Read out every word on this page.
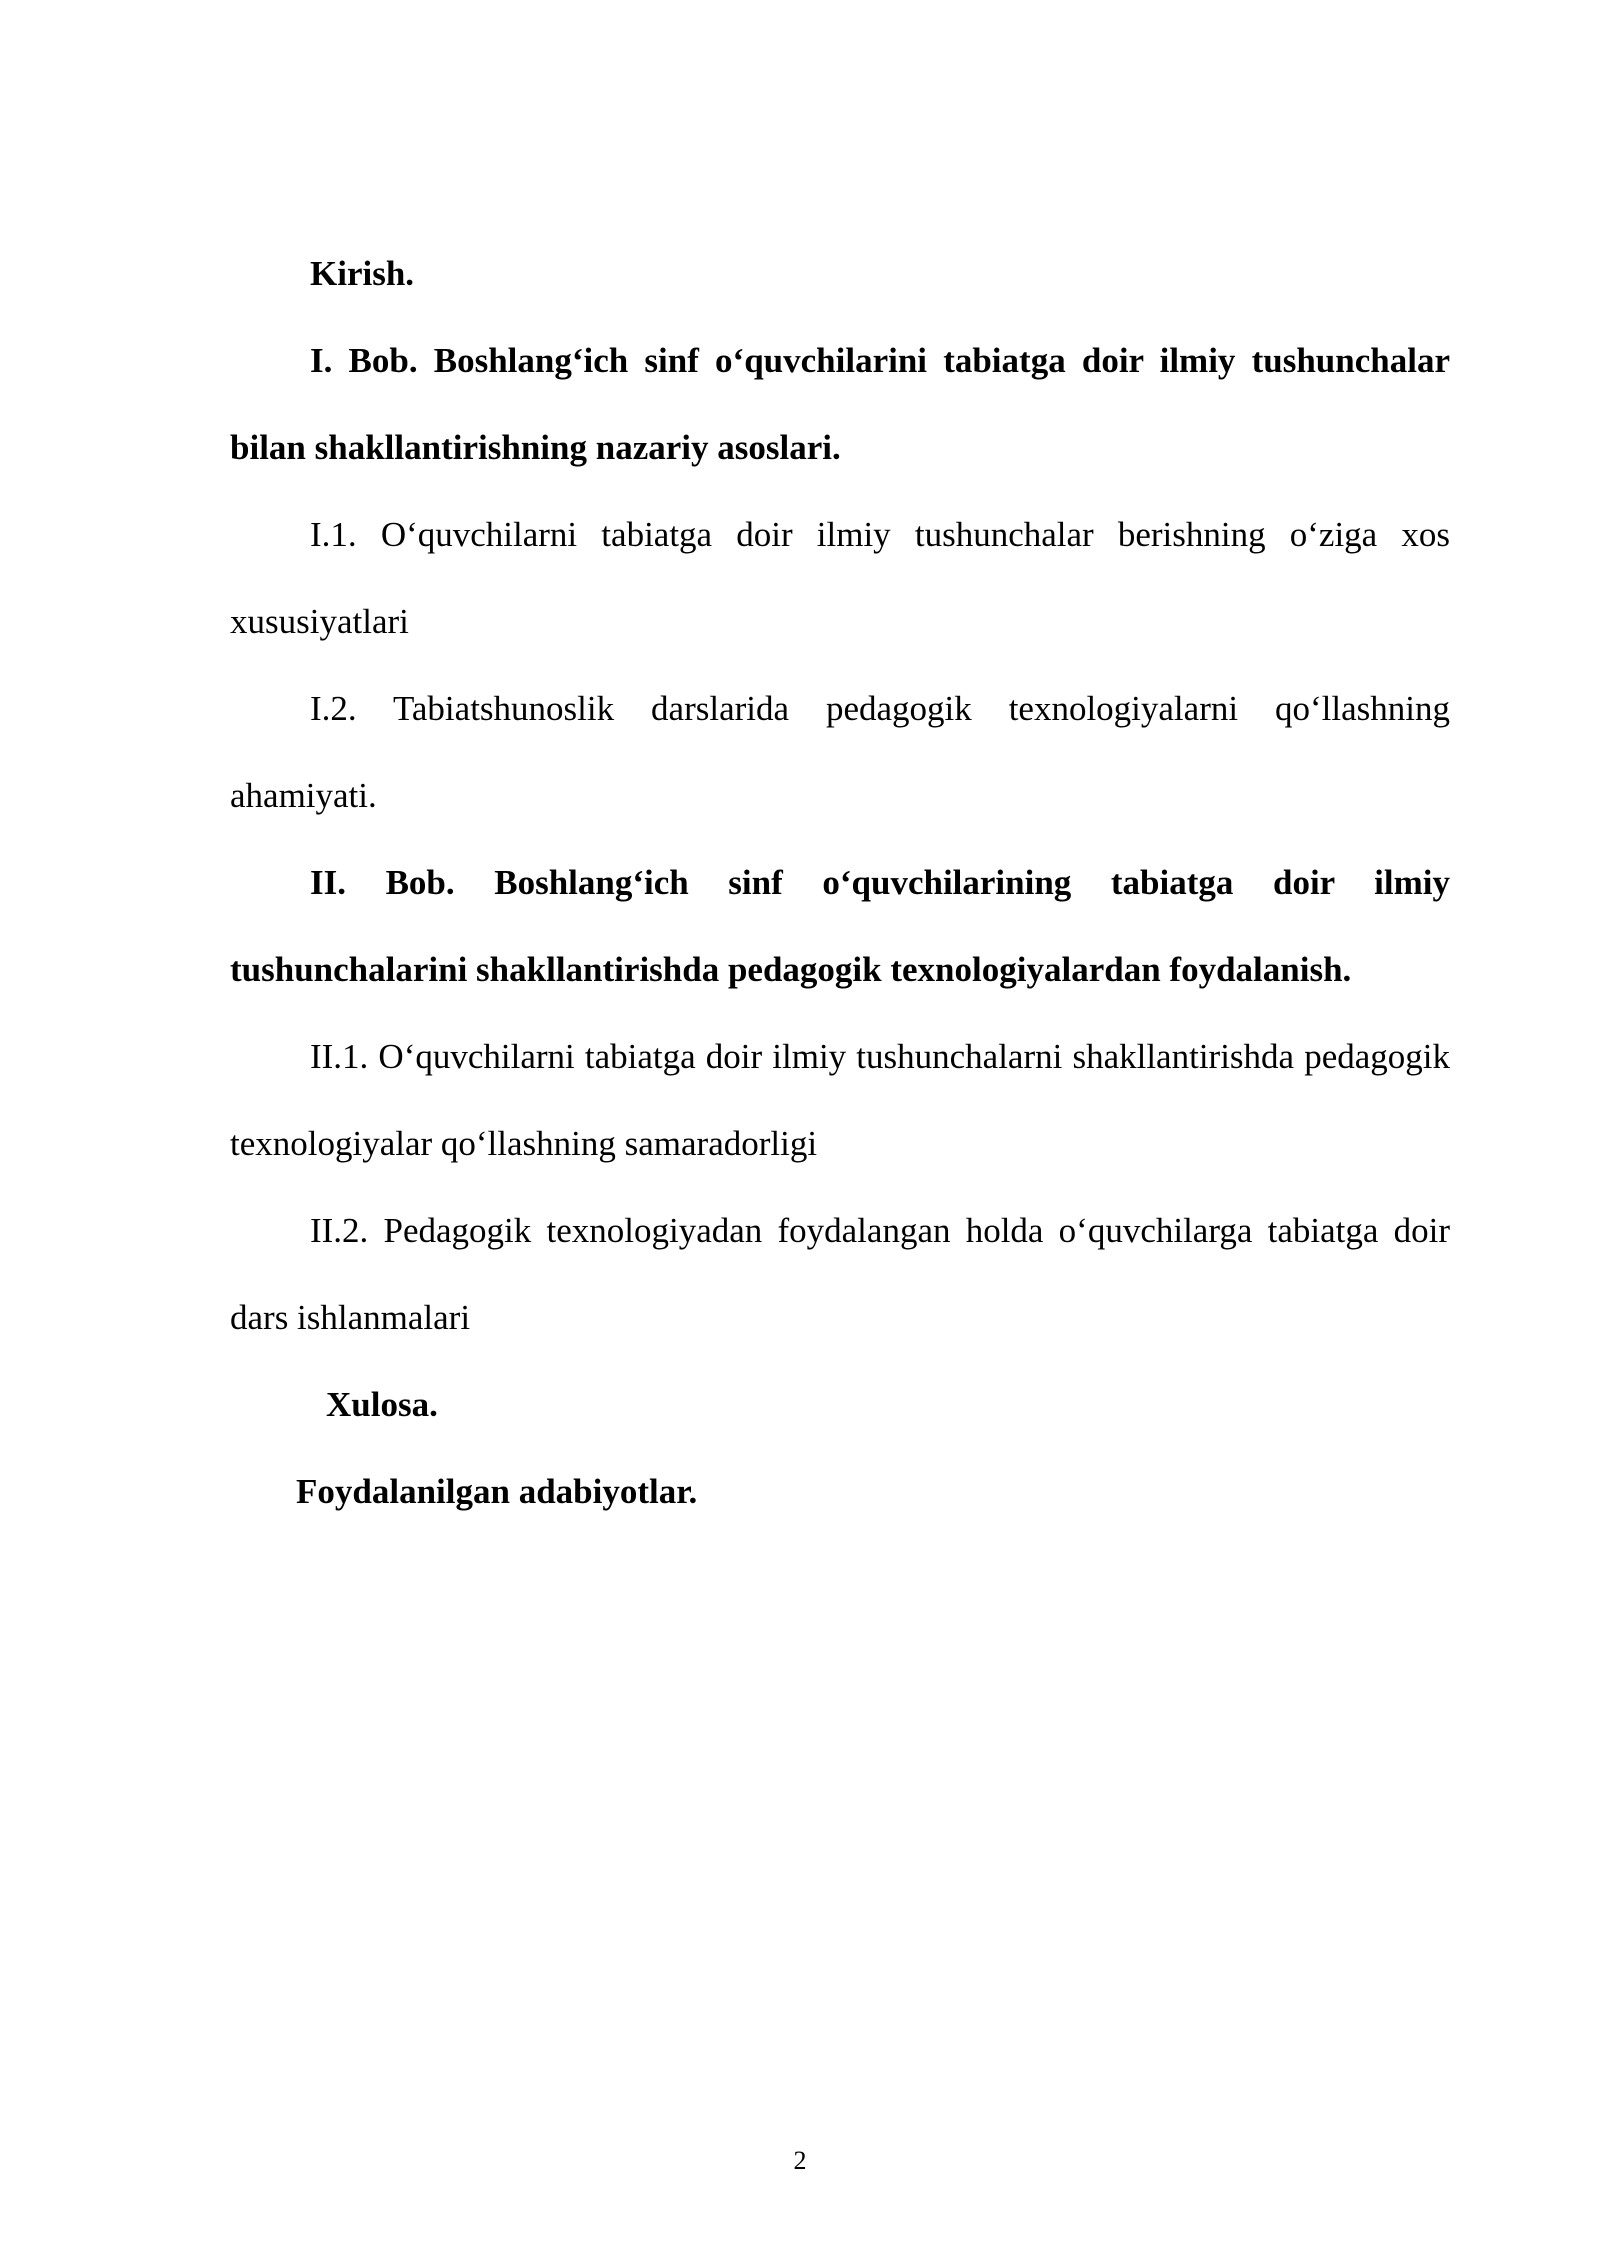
Kirish.

I. Bob. Boshlang‘ich sinf o‘quvchilarini tabiatga doir ilmiy tushunchalar bilan shakllantirishning nazariy asoslari.

I.1. O‘quvchilarni tabiatga doir ilmiy tushunchalar berishning o‘ziga xos xususiyatlari

I.2. Tabiatshunoslik darslarida pedagogik texnologiyalarni qo‘llashning ahamiyati.

II. Bob. Boshlang‘ich sinf o‘quvchilarining tabiatga doir ilmiy tushunchalarini shakllantirishda pedagogik texnologiyalardan foydalanish.

II.1. O‘quvchilarni tabiatga doir ilmiy tushunchalarni shakllantirishda pedagogik texnologiyalar qo‘llashning samaradorligi

II.2. Pedagogik texnologiyadan foydalangan holda o‘quvchilarga tabiatga doir dars ishlanmalari

Xulosa.

Foydalanilgan adabiyotlar.

2
